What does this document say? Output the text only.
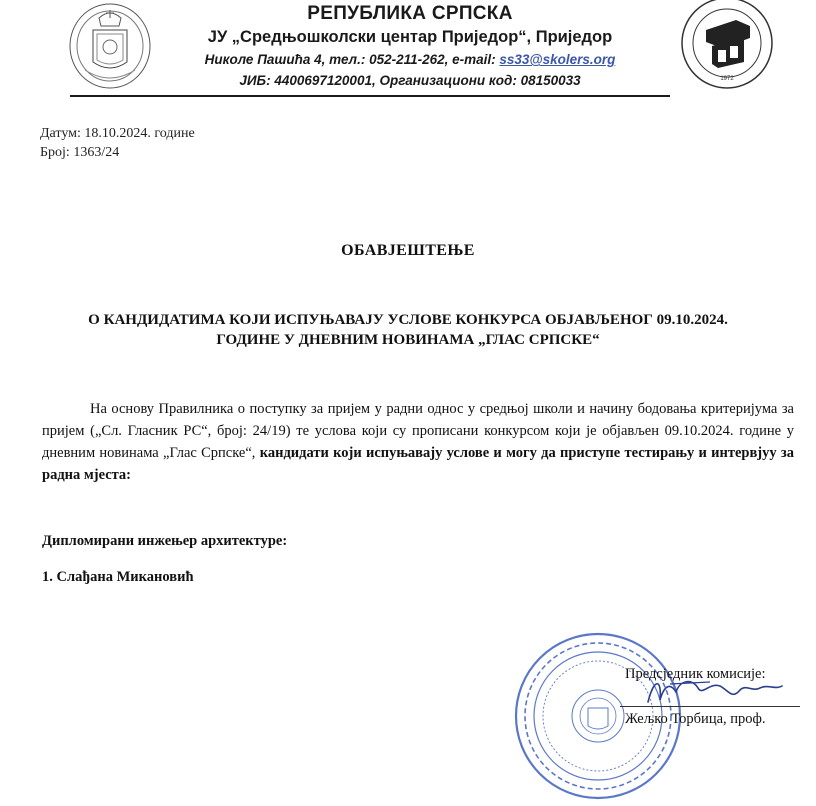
1972
РЕПУБЛИКА СРПСКА
ЈУ „Средњошколски центар Приједор“, Приједор
Николе Пашића 4, тел.: 052-211-262, e-mail: ss33@skolers.org
ЈИБ: 4400697120001, Организациони код: 08150033
Датум: 18.10.2024. године
Број: 1363/24
ОБАВЈЕШТЕЊЕ
О КАНДИДАТИМА КОЈИ ИСПУЊАВАЈУ УСЛОВЕ КОНКУРСА ОБЈАВЉЕНОГ 09.10.2024.
ГОДИНЕ У ДНЕВНИМ НОВИНАМА „ГЛАС СРПСКЕ“
На основу Правилника о поступку за пријем у радни однос у средњој школи и начину бодовања критеријума за пријем („Сл. Гласник РС“, број: 24/19) те услова који су прописани конкурсом који је објављен 09.10.2024. године у дневним новинама „Глас Српске“, кандидати који испуњавају услове и могу да приступе тестирању и интервјуу за радна мјеста:
Дипломирани инжењер архитектуре:
1. Слађана Микановић
Предсједник комисије:
Жељко Торбица, проф.
